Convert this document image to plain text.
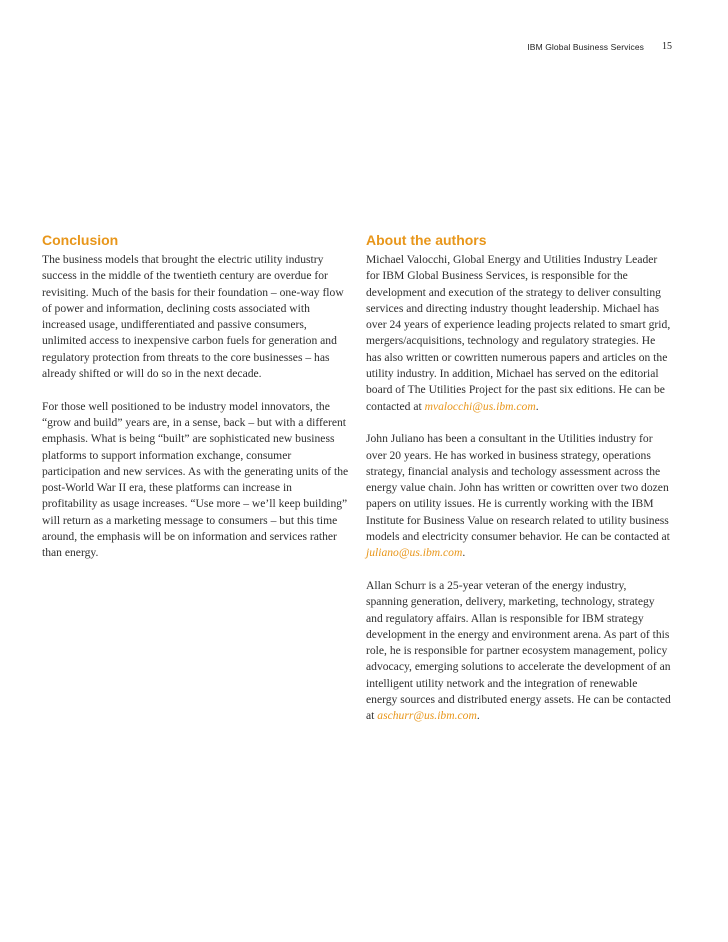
IBM Global Business Services 15
Conclusion

The business models that brought the electric utility industry success in the middle of the twentieth century are overdue for revisiting. Much of the basis for their foundation – one-way flow of power and information, declining costs associated with increased usage, undifferentiated and passive consumers, unlimited access to inexpensive carbon fuels for generation and regulatory protection from threats to the core businesses – has already shifted or will do so in the next decade.

For those well positioned to be industry model innovators, the “grow and build” years are, in a sense, back – but with a different emphasis. What is being “built” are sophisticated new business platforms to support information exchange, consumer participation and new services. As with the generating units of the post-World War II era, these platforms can increase in profitability as usage increases. “Use more – we’ll keep building” will return as a marketing message to consumers – but this time around, the emphasis will be on information and services rather than energy.

About the authors

Michael Valocchi, Global Energy and Utilities Industry Leader for IBM Global Business Services, is responsible for the development and execution of the strategy to deliver consulting services and directing industry thought leadership. Michael has over 24 years of experience leading projects related to smart grid, mergers/acquisitions, technology and regulatory strategies. He has also written or cowritten numerous papers and articles on the utility industry. In addition, Michael has served on the editorial board of The Utilities Project for the past six editions. He can be contacted at mvalocchi@us.ibm.com.

John Juliano has been a consultant in the Utilities industry for over 20 years. He has worked in business strategy, operations strategy, financial analysis and techology assessment across the energy value chain. John has written or cowritten over two dozen papers on utility issues. He is currently working with the IBM Institute for Business Value on research related to utility business models and electricity consumer behavior. He can be contacted at juliano@us.ibm.com.

Allan Schurr is a 25-year veteran of the energy industry, spanning generation, delivery, marketing, technology, strategy and regulatory affairs. Allan is responsible for IBM strategy development in the energy and environment arena. As part of this role, he is responsible for partner ecosystem management, policy advocacy, emerging solutions to accelerate the development of an intelligent utility network and the integration of renewable energy sources and distributed energy assets. He can be contacted at aschurr@us.ibm.com.
